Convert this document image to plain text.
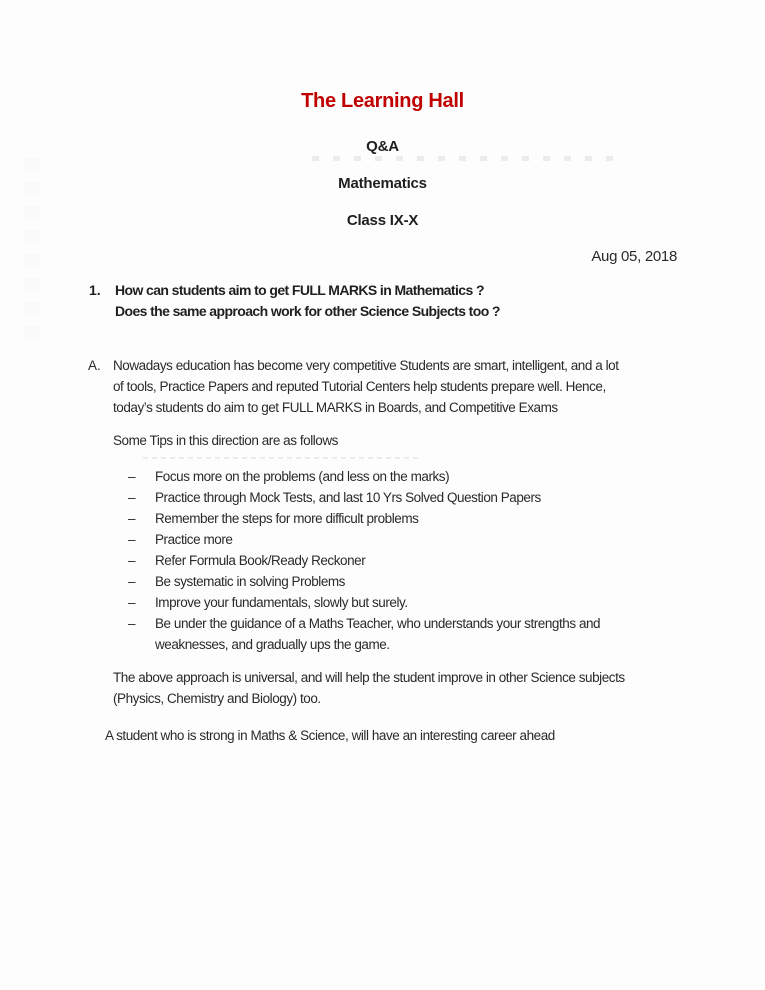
The Learning Hall
Q&A
Mathematics
Class IX-X
Aug 05, 2018
1.	How can students aim to get FULL MARKS in Mathematics ?
Does the same approach work for other Science Subjects too ?
A. Nowadays education has become very competitive Students are smart, intelligent, and a lot
of tools, Practice Papers and reputed Tutorial Centers help students prepare well. Hence,
today’s students do aim to get FULL MARKS in Boards, and Competitive Exams
Some Tips in this direction are as follows
–	Focus more on the problems (and less on the marks)
–	Practice through Mock Tests, and last 10 Yrs Solved Question Papers
–	Remember the steps for more difficult problems
–	Practice more
–	Refer Formula Book/Ready Reckoner
–	Be systematic in solving Problems
–	Improve your fundamentals, slowly but surely.
–	Be under the guidance of a Maths Teacher, who understands your strengths and
weaknesses, and gradually ups the game.
The above approach is universal, and will help the student improve in other Science subjects
(Physics, Chemistry and Biology) too.
A student who is strong in Maths & Science, will have an interesting career ahead
